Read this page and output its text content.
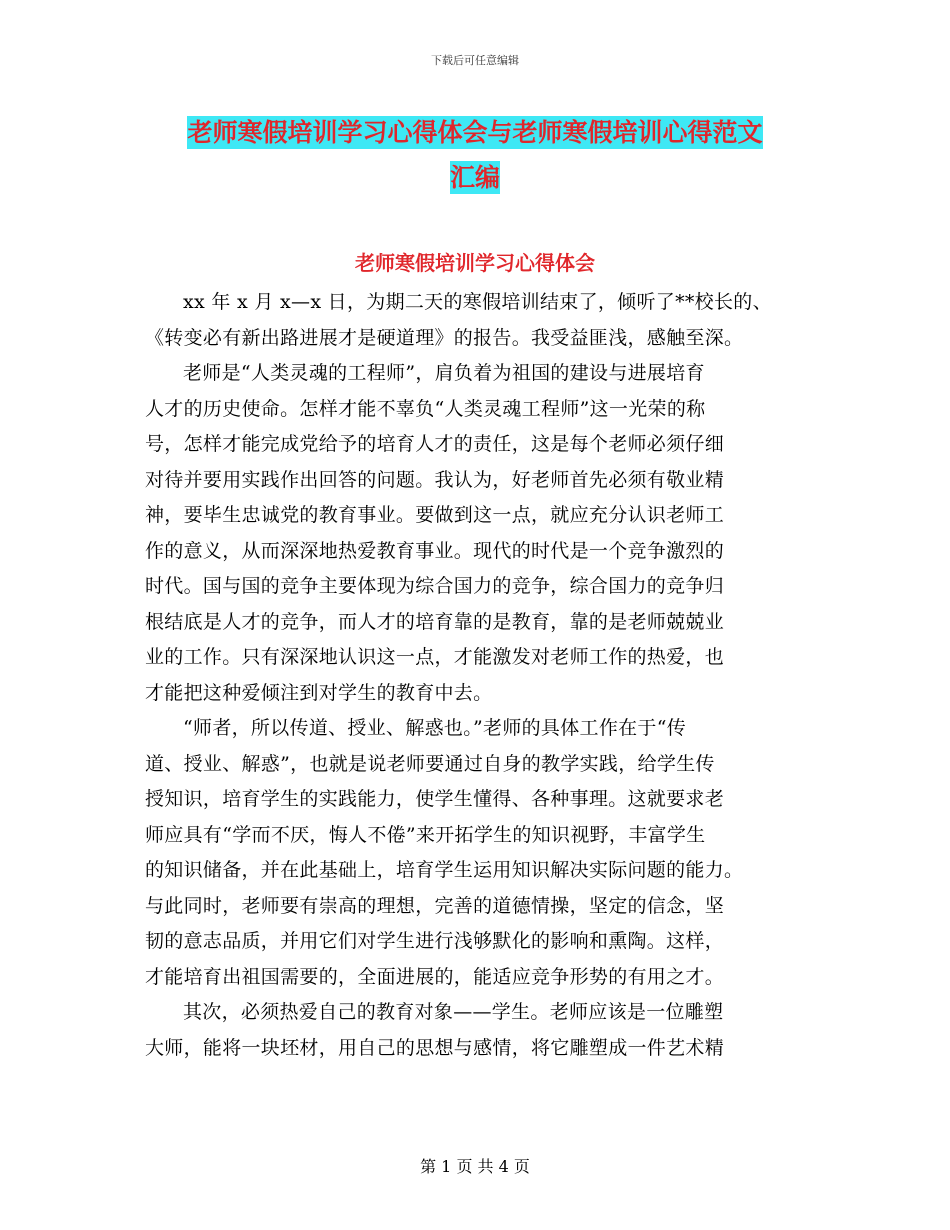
下载后可任意编辑
老师寒假培训学习心得体会与老师寒假培训心得范文
汇编
老师寒假培训学习心得体会
xx 年 x 月 x—x 日，为期二天的寒假培训结束了，倾听了**校长的、
《转变必有新出路进展才是硬道理》的报告。我受益匪浅，感触至深。
老师是“人类灵魂的工程师”，肩负着为祖国的建设与进展培育
人才的历史使命。怎样才能不辜负“人类灵魂工程师”这一光荣的称
号，怎样才能完成党给予的培育人才的责任，这是每个老师必须仔细
对待并要用实践作出回答的问题。我认为，好老师首先必须有敬业精
神，要毕生忠诚党的教育事业。要做到这一点，就应充分认识老师工
作的意义，从而深深地热爱教育事业。现代的时代是一个竞争激烈的
时代。国与国的竞争主要体现为综合国力的竞争，综合国力的竞争归
根结底是人才的竞争，而人才的培育靠的是教育，靠的是老师兢兢业
业的工作。只有深深地认识这一点，才能激发对老师工作的热爱，也
才能把这种爱倾注到对学生的教育中去。
“师者，所以传道、授业、解惑也。”老师的具体工作在于“传
道、授业、解惑”，也就是说老师要通过自身的教学实践，给学生传
授知识，培育学生的实践能力，使学生懂得、各种事理。这就要求老
师应具有“学而不厌，悔人不倦”来开拓学生的知识视野，丰富学生
的知识储备，并在此基础上，培育学生运用知识解决实际问题的能力。
与此同时，老师要有崇高的理想，完善的道德情操，坚定的信念，坚
韧的意志品质，并用它们对学生进行浅够默化的影响和熏陶。这样，
才能培育出祖国需要的，全面进展的，能适应竞争形势的有用之才。
其次，必须热爱自己的教育对象——学生。老师应该是一位雕塑
大师，能将一块坯材，用自己的思想与感情，将它雕塑成一件艺术精
第 1 页 共 4 页
